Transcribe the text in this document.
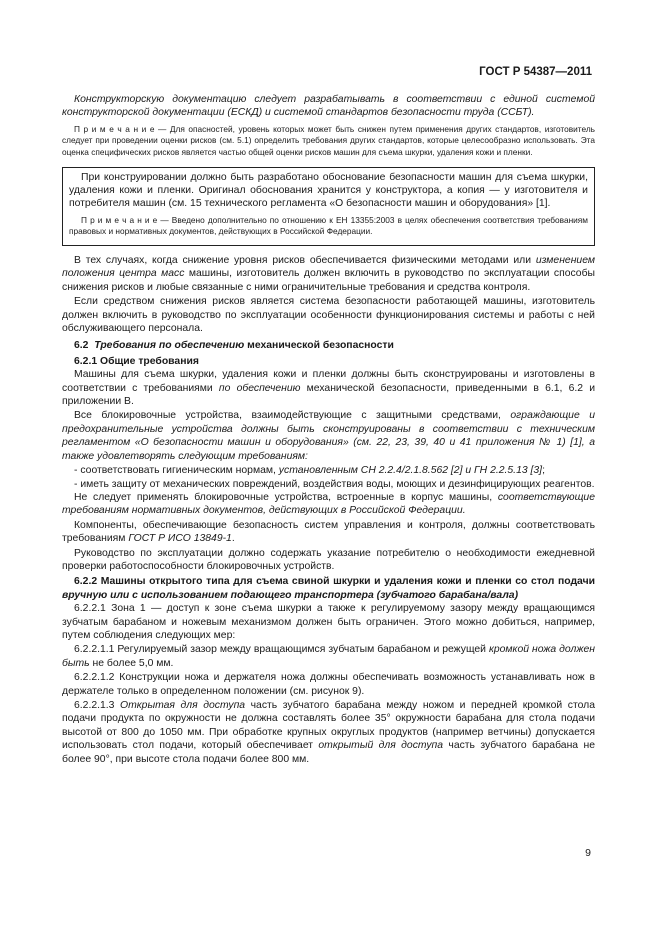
ГОСТ Р 54387—2011

Конструкторскую документацию следует разрабатывать в соответствии с единой системой конструкторской документации (ЕСКД) и системой стандартов безопасности труда (ССБТ).

П р и м е ч а н и е — Для опасностей, уровень которых может быть снижен путем применения других стандартов, изготовитель следует при проведении оценки рисков (см. 5.1) определить требования других стандартов, которые целесообразно использовать. Эта оценка специфических рисков является частью общей оценки рисков машин для съема шкурки, удаления кожи и пленки.

При конструировании должно быть разработано обоснование безопасности машин для съема шкурки, удаления кожи и пленки. Оригинал обоснования хранится у конструктора, а копия — у изготовителя и потребителя машин (см. 15 технического регламента «О безопасности машин и оборудования» [1].

П р и м е ч а н и е — Введено дополнительно по отношению к ЕН 13355:2003 в целях обеспечения соответствия требованиям правовых и нормативных документов, действующих в Российской Федерации.

В тех случаях, когда снижение уровня рисков обеспечивается физическими методами или изменением положения центра масс машины, изготовитель должен включить в руководство по эксплуатации способы снижения рисков и любые связанные с ними ограничительные требования и средства контроля.

Если средством снижения рисков является система безопасности работающей машины, изготовитель должен включить в руководство по эксплуатации особенности функционирования системы и работы с ней обслуживающего персонала.

6.2 Требования по обеспечению механической безопасности

6.2.1 Общие требования

Машины для съема шкурки, удаления кожи и пленки должны быть сконструированы и изготовлены в соответствии с требованиями по обеспечению механической безопасности, приведенными в 6.1, 6.2 и приложении В.

Все блокировочные устройства, взаимодействующие с защитными средствами, ограждающие и предохранительные устройства должны быть сконструированы в соответствии с техническим регламентом «О безопасности машин и оборудования» (см. 22, 23, 39, 40 и 41 приложения № 1) [1], а также удовлетворять следующим требованиям:

- соответствовать гигиеническим нормам, установленным СН 2.2.4/2.1.8.562 [2] и ГН 2.2.5.13 [3];

- иметь защиту от механических повреждений, воздействия воды, моющих и дезинфицирующих реагентов.

Не следует применять блокировочные устройства, встроенные в корпус машины, соответствующие требованиям нормативных документов, действующих в Российской Федерации.

Компоненты, обеспечивающие безопасность систем управления и контроля, должны соответствовать требованиям ГОСТ Р ИСО 13849-1.

Руководство по эксплуатации должно содержать указание потребителю о необходимости ежедневной проверки работоспособности блокировочных устройств.

6.2.2 Машины открытого типа для съема свиной шкурки и удаления кожи и пленки со стол подачи вручную или с использованием подающего транспортера (зубчатого барабана/вала)

6.2.2.1 Зона 1 — доступ к зоне съема шкурки а также к регулируемому зазору между вращающимся зубчатым барабаном и ножевым механизмом должен быть ограничен. Этого можно добиться, например, путем соблюдения следующих мер:

6.2.2.1.1 Регулируемый зазор между вращающимся зубчатым барабаном и режущей кромкой ножа должен быть не более 5,0 мм.

6.2.2.1.2 Конструкции ножа и держателя ножа должны обеспечивать возможность устанавливать нож в держателе только в определенном положении (см. рисунок 9).

6.2.2.1.3 Открытая для доступа часть зубчатого барабана между ножом и передней кромкой стола подачи продукта по окружности не должна составлять более 35° окружности барабана для стола подачи высотой от 800 до 1050 мм. При обработке крупных округлых продуктов (например ветчины) допускается использовать стол подачи, который обеспечивает открытый для доступа часть зубчатого барабана не более 90°, при высоте стола подачи более 800 мм.

9
